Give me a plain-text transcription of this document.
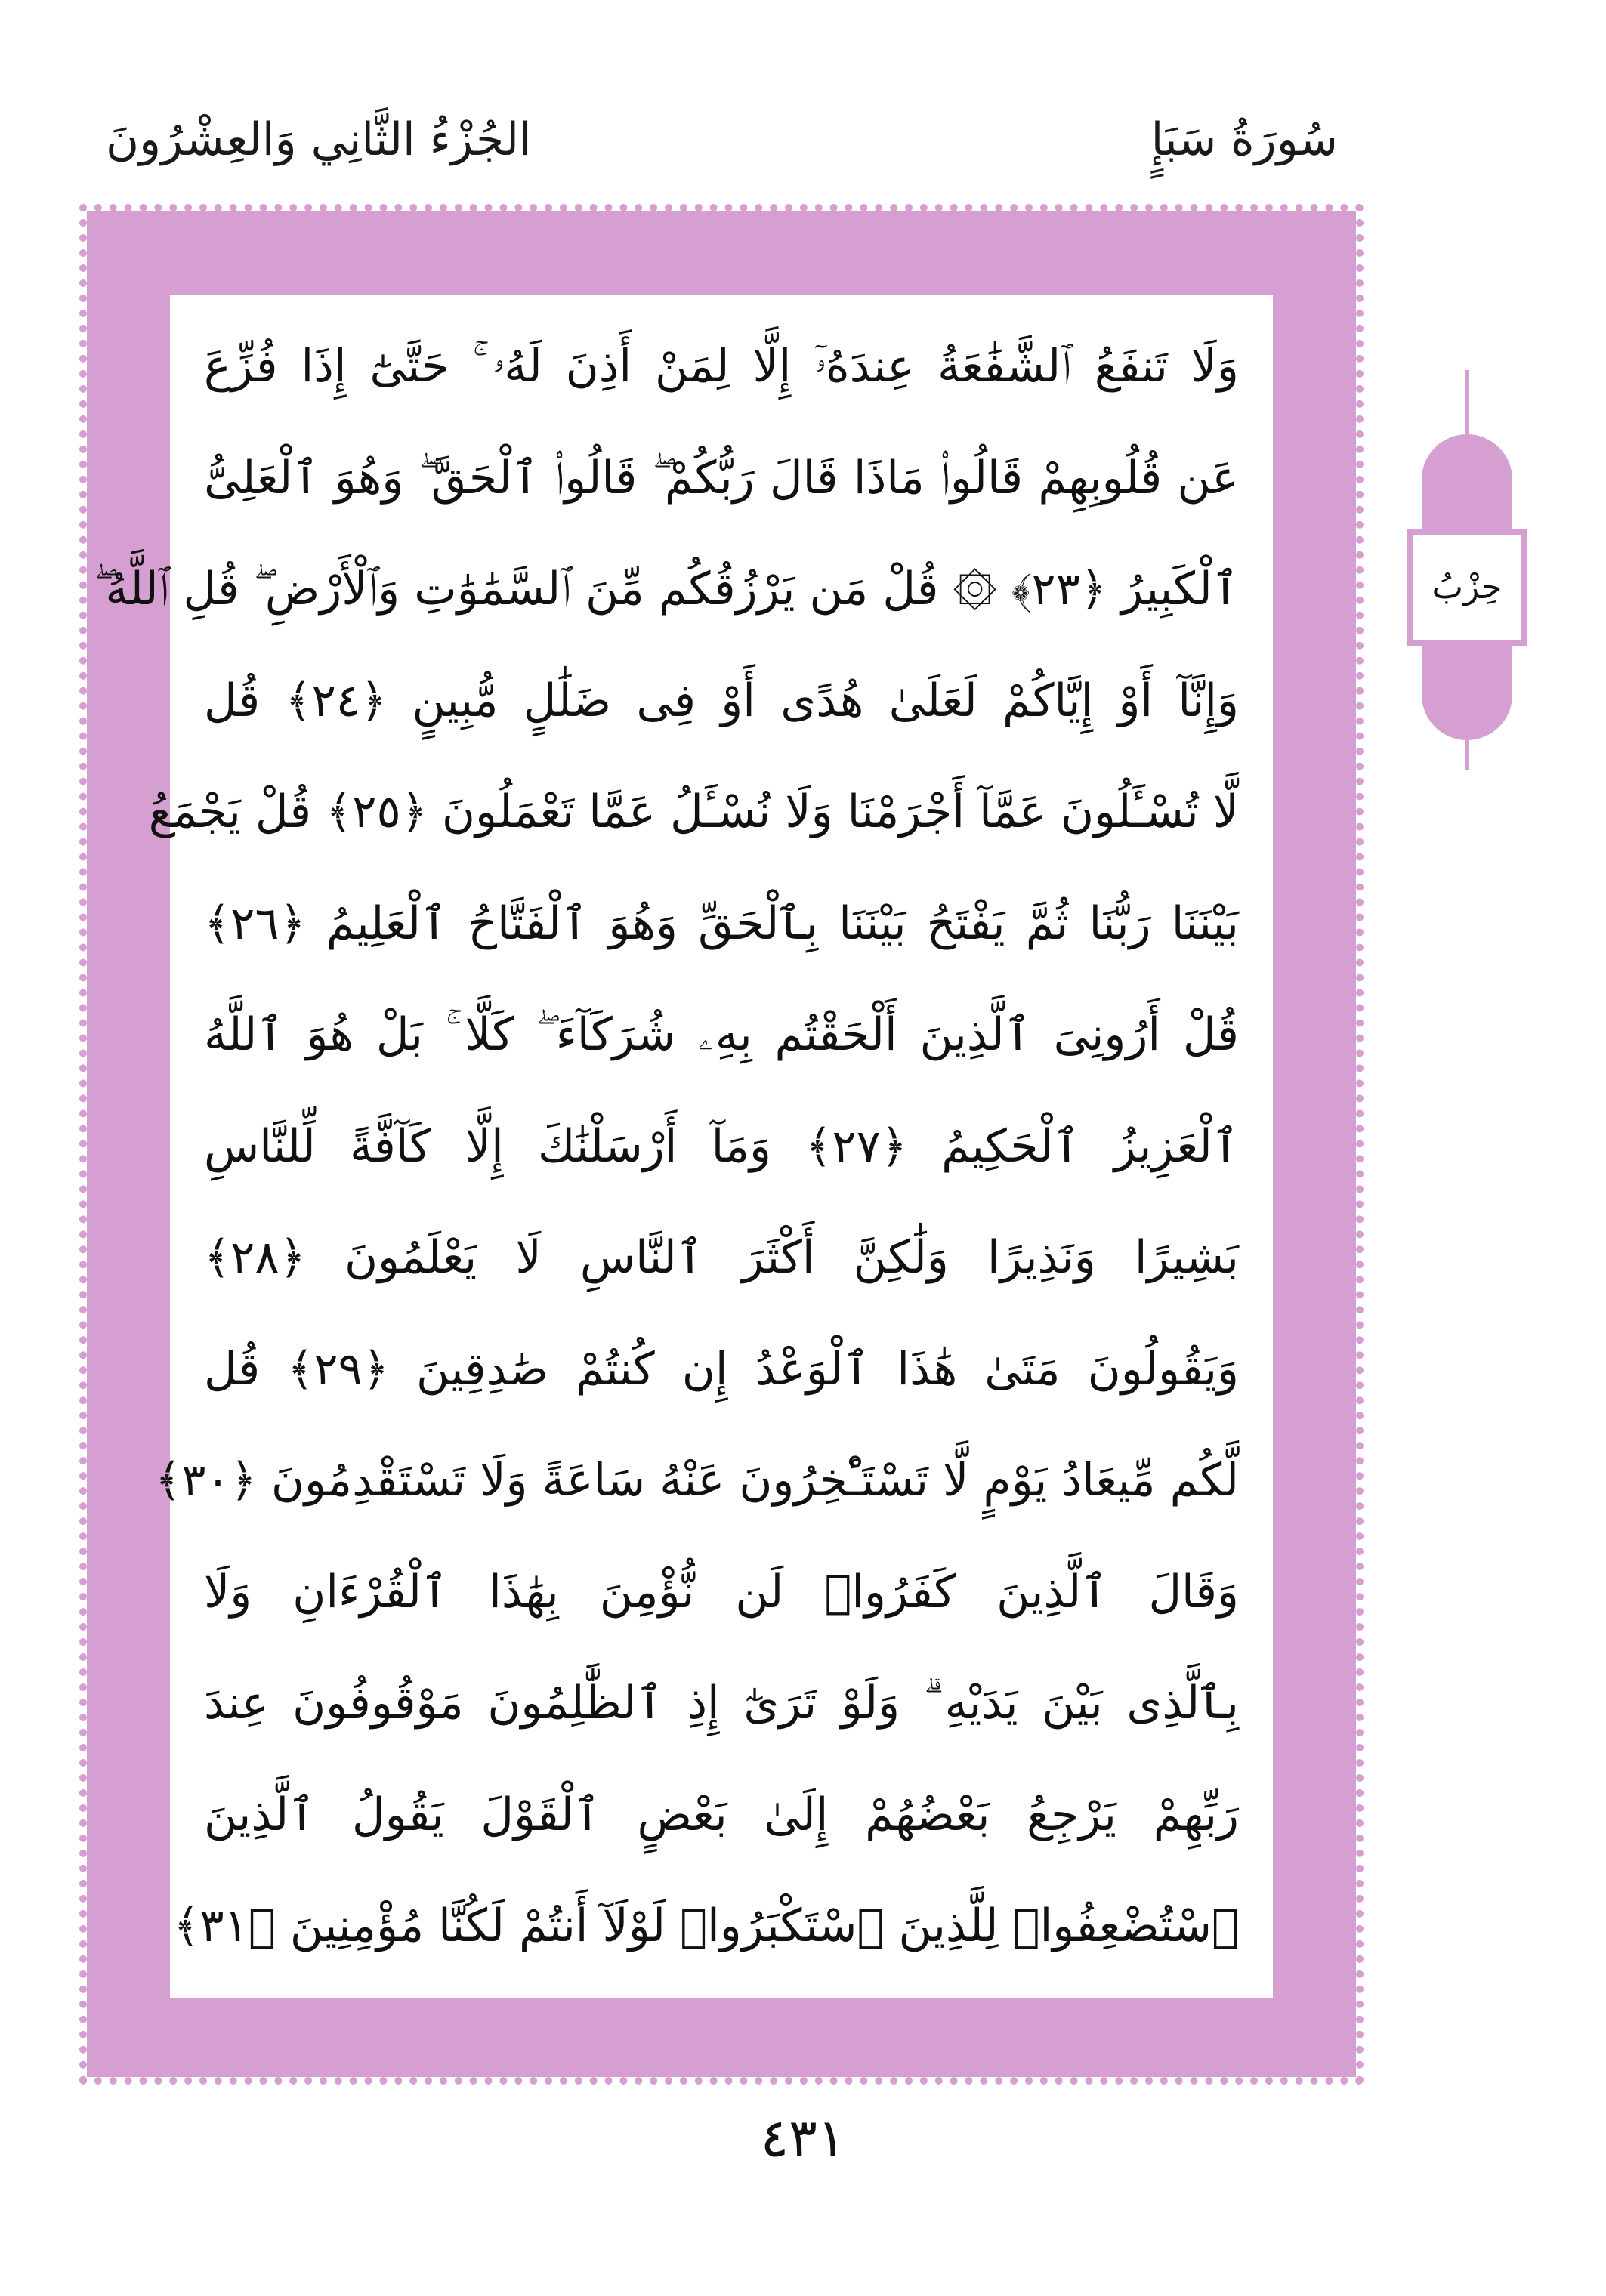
سُورَةُ سَبَإٍ
الجُزْءُ الثَّانِي وَالعِشْرُونَ
وَلَا تَنفَعُ ٱلشَّفَٰعَةُ عِندَهُۥٓ إِلَّا لِمَنْ أَذِنَ لَهُۥ ۚ حَتَّىٰٓ إِذَا فُزِّعَ
عَن قُلُوبِهِمْ قَالُوا۟ مَاذَا قَالَ رَبُّكُمْ ۖ قَالُوا۟ ٱلْحَقَّ ۖ وَهُوَ ٱلْعَلِىُّ
ٱلْكَبِيرُ ﴿٢٣﴾ ۞ قُلْ مَن يَرْزُقُكُم مِّنَ ٱلسَّمَٰوَٰتِ وَٱلْأَرْضِ ۖ قُلِ ٱللَّهُ ۖ
وَإِنَّآ أَوْ إِيَّاكُمْ لَعَلَىٰ هُدًى أَوْ فِى ضَلَٰلٍ مُّبِينٍ ﴿٢٤﴾ قُل
لَّا تُسْـَٔلُونَ عَمَّآ أَجْرَمْنَا وَلَا نُسْـَٔلُ عَمَّا تَعْمَلُونَ ﴿٢٥﴾ قُلْ يَجْمَعُ
بَيْنَنَا رَبُّنَا ثُمَّ يَفْتَحُ بَيْنَنَا بِٱلْحَقِّ وَهُوَ ٱلْفَتَّاحُ ٱلْعَلِيمُ ﴿٢٦﴾
قُلْ أَرُونِىَ ٱلَّذِينَ أَلْحَقْتُم بِهِۦ شُرَكَآءَ ۖ كَلَّا ۚ بَلْ هُوَ ٱللَّهُ
ٱلْعَزِيزُ ٱلْحَكِيمُ ﴿٢٧﴾ وَمَآ أَرْسَلْنَٰكَ إِلَّا كَآفَّةً لِّلنَّاسِ
بَشِيرًا وَنَذِيرًا وَلَٰكِنَّ أَكْثَرَ ٱلنَّاسِ لَا يَعْلَمُونَ ﴿٢٨﴾
وَيَقُولُونَ مَتَىٰ هَٰذَا ٱلْوَعْدُ إِن كُنتُمْ صَٰدِقِينَ ﴿٢٩﴾ قُل
لَّكُم مِّيعَادُ يَوْمٍ لَّا تَسْتَـْٔخِرُونَ عَنْهُ سَاعَةً وَلَا تَسْتَقْدِمُونَ ﴿٣٠﴾
وَقَالَ ٱلَّذِينَ كَفَرُوا۟ لَن نُّؤْمِنَ بِهَٰذَا ٱلْقُرْءَانِ وَلَا
بِٱلَّذِى بَيْنَ يَدَيْهِ ۗ وَلَوْ تَرَىٰٓ إِذِ ٱلظَّٰلِمُونَ مَوْقُوفُونَ عِندَ
رَبِّهِمْ يَرْجِعُ بَعْضُهُمْ إِلَىٰ بَعْضٍ ٱلْقَوْلَ يَقُولُ ٱلَّذِينَ
ٱسْتُضْعِفُوا۟ لِلَّذِينَ ٱسْتَكْبَرُوا۟ لَوْلَآ أَنتُمْ لَكُنَّا مُؤْمِنِينَ ﴿٣١﴾
حِزْبُ
٤٣١
